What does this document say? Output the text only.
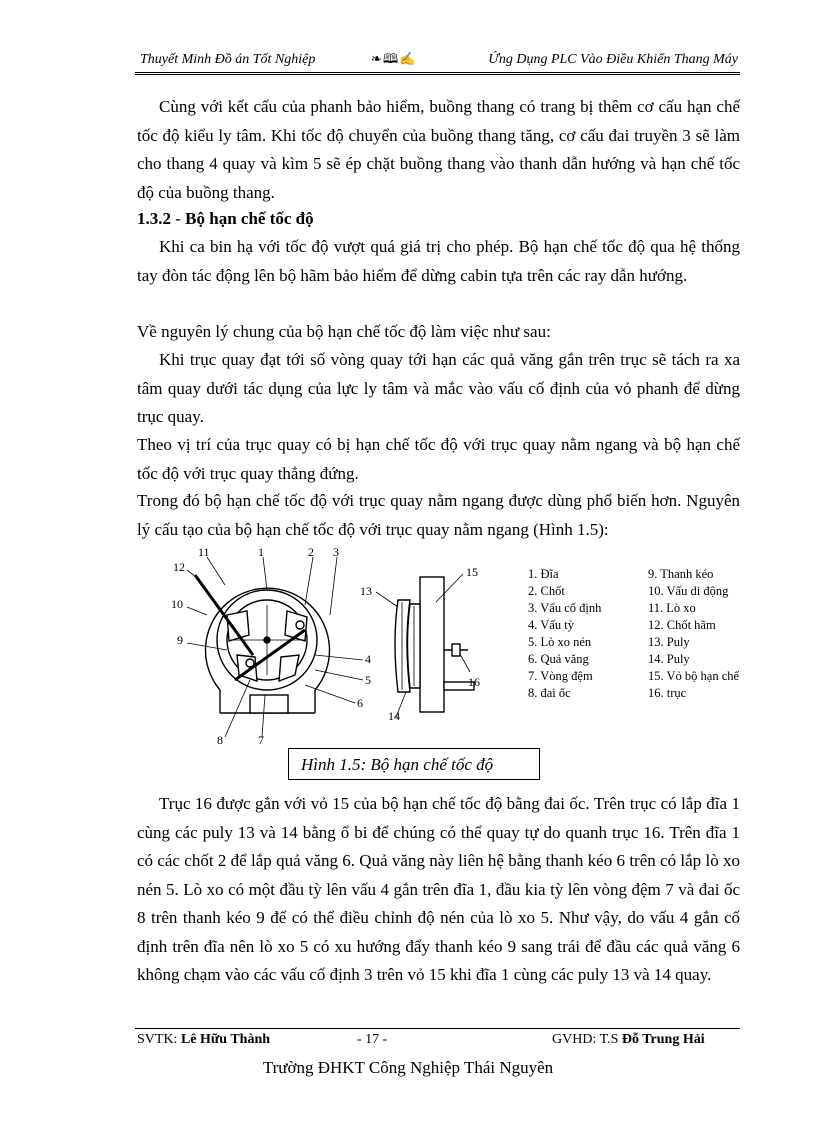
Thuyết Minh Đồ án Tốt Nghiệp	❧🕮✍	Ứng Dụng PLC Vào Điều Khiển Thang Máy

Cùng với kết cấu của phanh bảo hiểm, buồng thang có trang bị thêm cơ cấu hạn chế tốc độ kiểu ly tâm. Khi tốc độ chuyển của buồng thang tăng, cơ cấu đai truyền 3 sẽ làm cho thang 4 quay và kìm 5 sẽ ép chặt buồng thang vào thanh dẫn hướng và hạn chế tốc độ của buồng thang.

1.3.2 - Bộ hạn chế tốc độ

Khi ca bin hạ với tốc độ vượt quá giá trị cho phép. Bộ hạn chế tốc độ qua hệ thống tay đòn tác động lên bộ hãm bảo hiểm để dừng cabin tựa trên các ray dẫn hướng.

Về nguyên lý chung của bộ hạn chế tốc độ làm việc như sau:

Khi trục quay đạt tới số vòng quay tới hạn các quả văng gắn trên trục sẽ tách ra xa tâm quay dưới tác dụng của lực ly tâm và mắc vào vấu cố định của vỏ phanh để dừng trục quay.

Theo vị trí của trục quay có bị hạn chế tốc độ với trục quay nằm ngang và bộ hạn chế tốc độ với trục quay thẳng đứng.

Trong đó bộ hạn chế tốc độ với trục quay nằm ngang được dùng phổ biến hơn. Nguyên lý cấu tạo của bộ hạn chế tốc độ với trục quay nằm ngang (Hình 1.5):

11	1	2 3
12
10
9
4
5
6
8	7
15
13
16
14
1. Đĩa	9. Thanh kéo
2. Chốt	10. Vấu di động
3. Vấu cố định	11. Lò xo
4. Vấu tỳ	12. Chốt hãm
5. Lò xo nén	13. Puly
6. Quả văng	14. Puly
7. Vòng đệm	15. Vỏ bộ hạn chế
8. đai ốc	16. trục
Hình 1.5: Bộ hạn chế tốc độ

Trục 16 được gắn với vỏ 15 của bộ hạn chế tốc độ bằng đai ốc. Trên trục có lắp đĩa 1 cùng các puly 13 và 14 bằng ổ bi để chúng có thể quay tự do quanh trục 16. Trên đĩa 1 có các chốt 2 để lắp quả văng 6. Quả văng này liên hệ bằng thanh kéo 6 trên có lắp lò xo nén 5. Lò xo có một đầu tỳ lên vấu 4 gắn trên đĩa 1, đầu kia tỳ lên vòng đệm 7 và đai ốc 8 trên thanh kéo 9 để có thể điều chỉnh độ nén của lò xo 5. Như vậy, do vấu 4 gắn cố định trên đĩa nên lò xo 5 có xu hướng đẩy thanh kéo 9 sang trái để đầu các quả văng 6 không chạm vào các vấu cố định 3 trên vỏ 15 khi đĩa 1 cùng các puly 13 và 14 quay.

SVTK: Lê Hữu Thành	- 17 -	GVHD: T.S Đỗ Trung Hải
Trường ĐHKT Công Nghiệp Thái Nguyên
